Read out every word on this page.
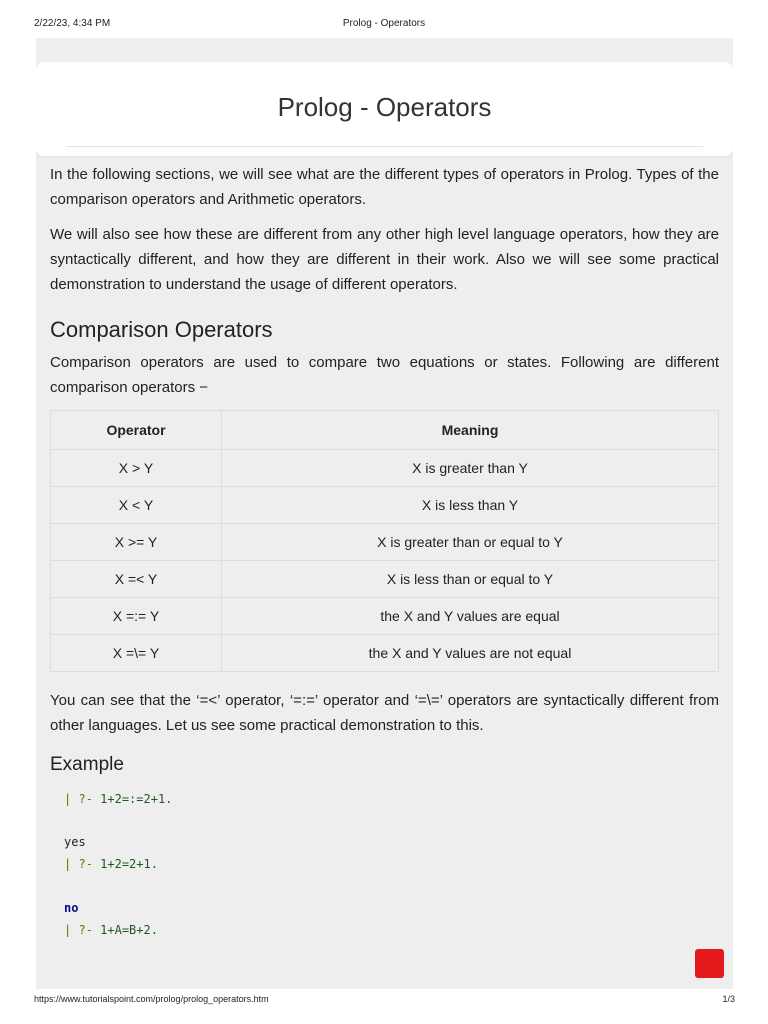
2/22/23, 4:34 PM	Prolog - Operators
Prolog - Operators

In the following sections, we will see what are the different types of operators in Prolog. Types of the comparison operators and Arithmetic operators.

We will also see how these are different from any other high level language operators, how they are syntactically different, and how they are different in their work. Also we will see some practical demonstration to understand the usage of different operators.

Comparison Operators

Comparison operators are used to compare two equations or states. Following are different comparison operators −

Operator	Meaning
X > Y	X is greater than Y
X < Y	X is less than Y
X >= Y	X is greater than or equal to Y
X =< Y	X is less than or equal to Y
X =:= Y	the X and Y values are equal
X =\= Y	the X and Y values are not equal

You can see that the ‘=<’ operator, ‘=:=’ operator and ‘=\=’ operators are syntactically different from other languages. Let us see some practical demonstration to this.

Example
| ?- 1+2=:=2+1.
yes
| ?- 1+2=2+1.
no
| ?- 1+A=B+2.
https://www.tutorialspoint.com/prolog/prolog_operators.htm	1/3
